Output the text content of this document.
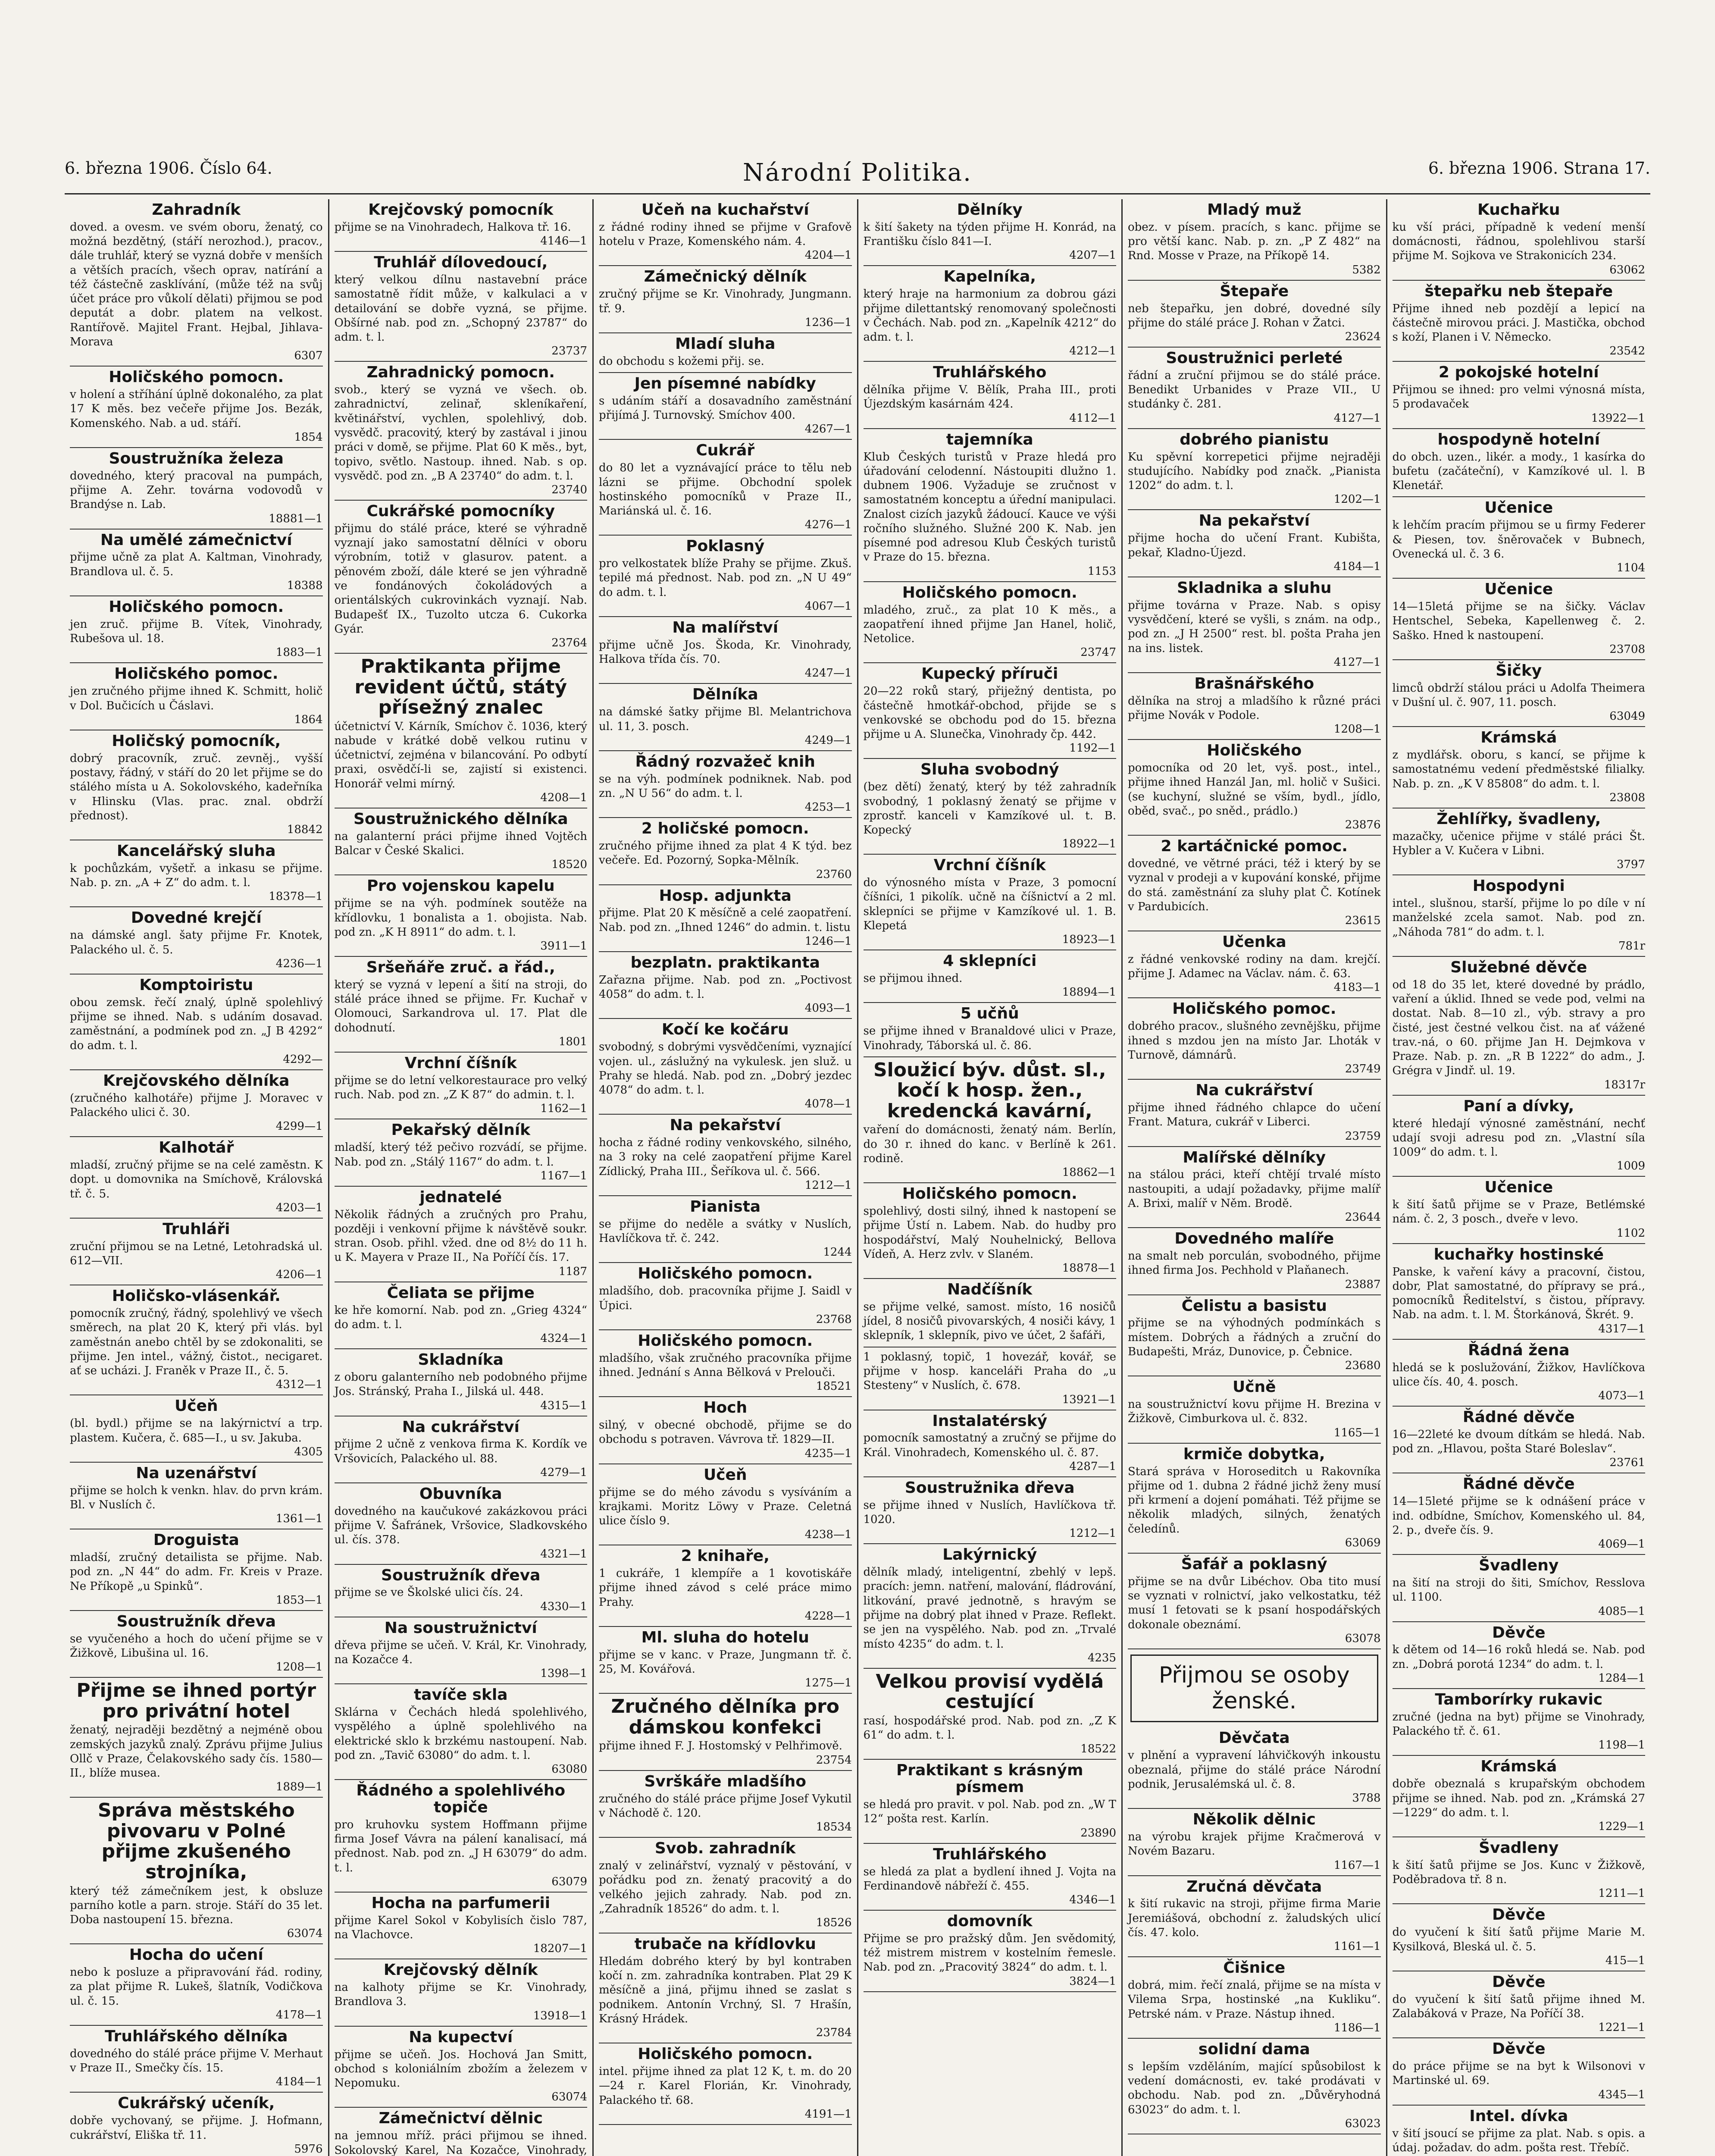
6. března 1906. Číslo 64.	Národní Politika.	6. března 1906. Strana 17.
Zahradník

doved. a ovesm. ve svém oboru, ženatý, co možná bezdětný, (stáří nerozhod.), pracov., dále truhlář, který se vyzná dobře v menších a větších pracích, všech oprav, natírání a též částečně zasklívání, (může též na svůj účet práce pro vůkolí dělati) přijmou se pod deputát a dobr. platem na velkost. Rantířově. Majitel Frant. Hejbal, Jihlava-Morava

6307

Holičského pomocn.

v holení a stříhání úplně dokonalého, za plat 17 K měs. bez večeře přijme Jos. Bezák, Komenského. Nab. a ud. stáří.

1854

Soustružníka železa

dovedného, který pracoval na pumpách, přijme A. Zehr. továrna vodovodů v Brandýse n. Lab.

18881—1

Na umělé zámečnictví

přijme učně za plat A. Kaltman, Vinohrady, Brandlova ul. č. 5.

18388

Holičského pomocn.

jen zruč. přijme B. Vítek, Vinohrady, Rubešova ul. 18.

1883—1

Holičského pomoc.

jen zručného přijme ihned K. Schmitt, holič v Dol. Bučicích u Čáslavi.

1864

Holičský pomocník,

dobrý pracovník, zruč. zevněj., vyšší postavy, řádný, v stáří do 20 let přijme se do stálého místa u A. Sokolovského, kadeřníka v Hlinsku (Vlas. prac. znal. obdrží přednost).

18842

Kancelářský sluha

k pochůzkám, vyšetř. a inkasu se přijme. Nab. p. zn. „A + Z“ do adm. t. l.

18378—1

Dovedné krejčí

na dámské angl. šaty přijme Fr. Knotek, Palackého ul. č. 5.

4236—1

Komptoiristu

obou zemsk. řečí znalý, úplně spolehlivý přijme se ihned. Nab. s udáním dosavad. zaměstnání, a podmínek pod zn. „J B 4292“ do adm. t. l.

4292—

Krejčovského dělníka

(zručného kalhotáře) přijme J. Moravec v Palackého ulici č. 30.

4299—1

Kalhotář

mladší, zručný přijme se na celé zaměstn. K dopt. u domovnika na Smíchově, Královská tř. č. 5.

4203—1

Truhláři

zruční přijmou se na Letné, Letohradská ul. 612—VII.

4206—1

Holičsko-vlásenkář.

pomocník zručný, řádný, spolehlivý ve všech směrech, na plat 20 K, který při vlás. byl zaměstnán anebo chtěl by se zdokonaliti, se přijme. Jen intel., vážný, čistot., necigaret. ať se ucházi. J. Franěk v Praze II., č. 5.

4312—1

Učeň

(bl. bydl.) přijme se na lakýrnictví a trp. plastem. Kučera, č. 685—I., u sv. Jakuba.

4305

Na uzenářství

přijme se holch k venkn. hlav. do prvn krám. Bl. v Nuslích č.

1361—1

Droguista

mladší, zručný detailista se přijme. Nab. pod zn. „N 44“ do adm. Fr. Kreis v Praze. Ne Příkopě „u Spinků“.

1853—1

Soustružník dřeva

se vyučeného a hoch do učení přijme se v Žižkově, Libušina ul. 16.

1208—1

Přijme se ihned portýr pro privátní hotel

ženatý, nejraději bezdětný a nejméně obou zemských jazyků znalý. Zprávu přijme Julius Ollč v Praze, Čelakovského sady čís. 1580—II., blíže musea.

1889—1

Správa městského pivovaru v Polné přijme zkušeného strojníka,

který též zámečníkem jest, k obsluze parního kotle a parn. stroje. Stáří do 35 let. Doba nastoupení 15. března.

63074

Hocha do učení

nebo k posluze a připravování řád. rodiny, za plat přijme R. Lukeš, šlatník, Vodičkova ul. č. 15.

4178—1

Truhlářského dělníka

dovedného do stálé práce přijme V. Merhaut v Praze II., Smečky čís. 15.

4184—1

Cukrářský učeník,

dobře vychovaný, se přijme. J. Hofmann, cukrářství, Eliška tř. 11.

5976

Krejčovský pomocník

přijme se na Vinohradech, Halkova tř. 16.

4146—1

Truhlář dílovedoucí,

který velkou dílnu nastavební práce samostatně řídit může, v kalkulaci a v detailování se dobře vyzná, se přijme. Obšírné nab. pod zn. „Schopný 23787“ do adm. t. l.

23737

Zahradnický pomocn.

svob., který se vyzná ve všech. ob. zahradnictví, zelinař, skleníkaření, květinářství, vychlen, spolehlivý, dob. vysvědč. pracovitý, který by zastával i jinou práci v domě, se přijme. Plat 60 K měs., byt, topivo, světlo. Nastoup. ihned. Nab. s op. vysvědč. pod zn. „B A 23740“ do adm. t. l.

23740

Cukrářské pomocníky

přijmu do stálé práce, které se výhradně vyznají jako samostatní dělníci v oboru výrobním, totiž v glasurov. patent. a pěnovém zboží, dále které se jen výhradně ve fondánových čokoládových a orientálských cukrovinkách vyznají. Nab. Budapešť IX., Tuzolto utcza 6. Cukorka Gyár.

23764

Praktikanta přijme revident účtů, státý přísežný znalec

účetnictví V. Kárník, Smíchov č. 1036, který nabude v krátké době velkou rutinu v účetnictví, zejména v bilancování. Po odbytí praxi, osvědčí-li se, zajistí si existenci. Honorář velmi mírný.

4208—1

Soustružnického dělníka

na galanterní práci přijme ihned Vojtěch Balcar v České Skalici.

18520

Pro vojenskou kapelu

přijme se na výh. podmínek soutěže na křídlovku, 1 bonalista a 1. obojista. Nab. pod zn. „K H 8911“ do adm. t. l.

3911—1

Sršeňáře zruč. a řád.,

který se vyzná v lepení a šití na stroji, do stálé práce ihned se přijme. Fr. Kuchař v Olomouci, Sarkandrova ul. 17. Plat dle dohodnutí.

1801

Vrchní číšník

přijme se do letní velkorestaurace pro velký ruch. Nab. pod zn. „Z K 87“ do admin. t. l.

1162—1

Pekařský dělník

mladší, který též pečivo rozvádí, se přijme. Nab. pod zn. „Stálý 1167“ do adm. t. l.

1167—1

jednatelé

Několik řádných a zručných pro Prahu, později i venkovní přijme k návštěvě soukr. stran. Osob. přihl. vžed. dne od 8½ do 11 h. u K. Mayera v Praze II., Na Poříčí čís. 17.

1187

Čeliata se přijme

ke hře komorní. Nab. pod zn. „Grieg 4324“ do adm. t. l.

4324—1

Skladníka

z oboru galanterního neb podobného přijme Jos. Stránský, Praha I., Jilská ul. 448.

4315—1

Na cukrářství

přijme 2 učně z venkova firma K. Kordík ve Vršovicích, Palackého ul. 88.

4279—1

Obuvníka

dovedného na kaučukové zakázkovou práci přijme V. Šafránek, Vršovice, Sladkovského ul. čís. 378.

4321—1

Soustružník dřeva

přijme se ve Školské ulici čís. 24.

4330—1

Na soustružnictví

dřeva přijme se učeň. V. Král, Kr. Vinohrady, na Kozačce 4.

1398—1

tavíče skla

Sklárna v Čechách hledá spolehlivého, vyspělého a úplně spolehlivého na elektrické sklo k brzkému nastoupení. Nab. pod zn. „Tavič 63080“ do adm. t. l.

63080

Řádného a spolehlivého topiče

pro kruhovku system Hoffmann přijme firma Josef Vávra na pálení kanalisací, má přednost. Nab. pod zn. „J H 63079“ do adm. t. l.

63079

Hocha na parfumerii

přijme Karel Sokol v Kobylisích čislo 787, na Vlachovce.

18207—1

Krejčovský dělník

na kalhoty přijme se Kr. Vinohrady, Brandlova 3.

13918—1

Na kupectví

přijme se učeň. Jos. Hochová Jan Smitt, obchod s koloniálním zbožím a železem v Nepomuku.

63074

Zámečnictví dělnic

na jemnou mříž. práci přijmou se ihned. Sokolovský Karel, Na Kozačce, Vinohrady,

Učeň na kuchařství

z řádné rodiny ihned se přijme v Grafově hotelu v Praze, Komenského nám. 4.

4204—1

Zámečnický dělník

zručný přijme se Kr. Vinohrady, Jungmann. tř. 9.

1236—1

Mladí sluha

do obchodu s kožemi přij. se.

Jen písemné nabídky

s udáním stáří a dosavadního zaměstnání přijímá J. Turnovský. Smíchov 400.

4267—1

Cukrář

do 80 let a vyznávající práce to tělu neb lázni se přijme. Obchodní spolek hostinského pomocníků v Praze II., Mariánská ul. č. 16.

4276—1

Poklasný

pro velkostatek blíže Prahy se přijme. Zkuš. tepilé má přednost. Nab. pod zn. „N U 49“ do adm. t. l.

4067—1

Na malířství

přijme učně Jos. Škoda, Kr. Vinohrady, Halkova třída čís. 70.

4247—1

Dělníka

na dámské šatky přijme Bl. Melantrichova ul. 11, 3. posch.

4249—1

Řádný rozvažeč knih

se na výh. podmínek podniknek. Nab. pod zn. „N U 56“ do adm. t. l.

4253—1

2 holičské pomocn.

zručného přijme ihned za plat 4 K týd. bez večeře. Ed. Pozorný, Sopka-Mělník.

23760

Hosp. adjunkta

přijme. Plat 20 K měsíčně a celé zaopatření. Nab. pod zn. „Ihned 1246“ do admin. t. listu

1246—1

bezplatn. praktikanta

Zařazna přijme. Nab. pod zn. „Poctivost 4058“ do adm. t. l.

4093—1

Kočí ke kočáru

svobodný, s dobrými vysvědčeními, vyznající vojen. ul., záslužný na vykulesk. jen služ. u Prahy se hledá. Nab. pod zn. „Dobrý jezdec 4078“ do adm. t. l.

4078—1

Na pekařství

hocha z řádné rodiny venkovského, silného, na 3 roky na celé zaopatření přijme Karel Zídlický, Praha III., Šeříkova ul. č. 566.

1212—1

Pianista

se přijme do neděle a svátky v Nuslích, Havlíčkova tř. č. 242.

1244

Holičského pomocn.

mladšího, dob. pracovníka přijme J. Saidl v Úpici.

23768

Holičského pomocn.

mladšího, však zručného pracovníka přijme ihned. Jednání s Anna Bělková v Prelouči.

18521

Hoch

silný, v obecné obchodě, přijme se do obchodu s potraven. Vávrova tř. 1829—II.

4235—1

Učeň

přijme se do mého závodu s vysíváním a krajkami. Moritz Löwy v Praze. Celetná ulice číslo 9.

4238—1

2 knihaře,

1 cukráře, 1 klempíře a 1 kovotiskáře přijme ihned závod s celé práce mimo Prahy.

4228—1

Ml. sluha do hotelu

přijme se v kanc. v Praze, Jungmann tř. č. 25, M. Kovářová.

1275—1

Zručného dělníka pro dámskou konfekci

přijme ihned F. J. Hostomský v Pelhřimově.

23754

Svrškáře mladšího

zručného do stálé práce přijme Josef Vykutil v Náchodě č. 120.

18534

Svob. zahradník

znalý v zelinářství, vyznalý v pěstování, v pořádku pod zn. ženatý pracovitý a do velkého jejich zahrady. Nab. pod zn. „Zahradník 18526“ do adm. t. l.

18526

trubače na křídlovku

Hledám dobrého který by byl kontraben kočí n. zm. zahradníka kontraben. Plat 29 K měsíčně a jiná, přijmu ihned se zaslat s podnikem. Antonín Vrchný, Sl. 7 Hrašín, Krásný Hrádek.

23784

Holičského pomocn.

intel. přijme ihned za plat 12 K, t. m. do 20—24 r. Karel Florián, Kr. Vinohrady, Palackého tř. 68.

4191—1

Dělníky

k šití šakety na týden přijme H. Konrád, na Františku číslo 841—I.

4207—1

Kapelníka,

který hraje na harmonium za dobrou gázi přijme dilettantský renomovaný společnosti v Čechách. Nab. pod zn. „Kapelník 4212“ do adm. t. l.

4212—1

Truhlářského

dělníka přijme V. Bělík, Praha III., proti Újezdským kasárnám 424.

4112—1

tajemníka

Klub Českých turistů v Praze hledá pro úřadování celodenní. Nástoupiti dlužno 1. dubnem 1906. Vyžaduje se zručnost v samostatném konceptu a úřední manipulaci. Znalost cizích jazyků žádoucí. Kauce ve výši ročního služného. Služné 200 K. Nab. jen písemné pod adresou Klub Českých turistů v Praze do 15. března.

1153

Holičského pomocn.

mladého, zruč., za plat 10 K měs., a zaopatření ihned přijme Jan Hanel, holič, Netolice.

23747

Kupecký příruči

20—22 roků starý, přiježný dentista, po částečně hmotkář-obchod, přijde se s venkovské se obchodu pod do 15. března přijme u A. Slunečka, Vinohrady čp. 442.

1192—1

Sluha svobodný

(bez dětí) ženatý, který by též zahradník svobodný, 1 poklasný ženatý se přijme v zprostř. kanceli v Kamzíkové ul. t. B. Kopecký

18922—1

Vrchní číšník

do výnosného místa v Praze, 3 pomocní číšníci, 1 pikolík. učně na číšnictví a 2 ml. sklepníci se přijme v Kamzíkové ul. 1. B. Klepetá

18923—1

4 sklepníci

se přijmou ihned.

18894—1

5 učňů

se přijme ihned v Branaldové ulici v Praze, Vinohrady, Táborská ul. č. 86.

Sloužicí býv. důst. sl., kočí k hosp. žen., kredencká kavární,

vaření do domácnosti, ženatý nám. Berlín, do 30 r. ihned do kanc. v Berlíně k 261. rodině.

18862—1

Holičského pomocn.

spolehlivý, dosti silný, ihned k nastopení se přijme Ústí n. Labem. Nab. do hudby pro hospodářství, Malý Nouhelnický, Bellova Vídeň, A. Herz zvlv. v Slaném.

18878—1

Nadčíšník

se přijme velké, samost. místo, 16 nosičů jídel, 8 nosičů pivovarských, 4 nosiči kávy, 1 sklepník, 1 sklepník, pivo ve účet, 2 šafáři,

1 poklasný, topič, 1 hovezář, kovář, se přijme v hosp. kanceláři Praha do „u Stesteny“ v Nuslích, č. 678.

13921—1

Instalatérský

pomocník samostatný a zručný se přijme do Král. Vinohradech, Komenského ul. č. 87.

4287—1

Soustružnika dřeva

se přijme ihned v Nuslích, Havlíčkova tř. 1020.

1212—1

Lakýrnický

dělník mladý, inteligentní, zbehlý v lepš. pracích: jemn. natření, malování, fládrování, litkování, pravé jednotně, s hravým se přijme na dobrý plat ihned v Praze. Reflekt. se jen na vyspělého. Nab. pod zn. „Trvalé místo 4235“ do adm. t. l.

4235

Velkou provisí vydělá cestující

rasí, hospodářské prod. Nab. pod zn. „Z K 61“ do adm. t. l.

18522

Praktikant s krásným písmem

se hledá pro pravit. v pol. Nab. pod zn. „W T 12“ pošta rest. Karlín.

23890

Truhlářského

se hledá za plat a bydlení ihned J. Vojta na Ferdinandově nábřeží č. 455.

4346—1

domovník

Přijme se pro pražský dům. Jen svědomitý, též mistrem mistrem v kostelním řemesle. Nab. pod zn. „Pracovitý 3824“ do adm. t. l.

3824—1

Mladý muž

obez. v písem. pracích, s kanc. přijme se pro větší kanc. Nab. p. zn. „P Z 482“ na Rnd. Mosse v Praze, na Příkopě 14.

5382

Štepaře

neb štepařku, jen dobré, dovedné síly přijme do stálé práce J. Rohan v Žatci.

23624

Soustružnici perleté

řádní a zruční přijmou se do stálé práce. Benedikt Urbanides v Praze VII., U studánky č. 281.

4127—1

dobrého pianistu

Ku spěvní korrepetici přijme nejraději studujícího. Nabídky pod značk. „Pianista 1202“ do adm. t. l.

1202—1

Na pekařství

přijme hocha do učení Frant. Kubišta, pekař, Kladno-Újezd.

4184—1

Skladnika a sluhu

přijme továrna v Praze. Nab. s opisy vysvědčení, které se vyšli, s znám. na odp., pod zn. „J H 2500“ rest. bl. pošta Praha jen na ins. listek.

4127—1

Brašnářského

dělníka na stroj a mladšího k různé práci přijme Novák v Podole.

1208—1

Holičského

pomocníka od 20 let, vyš. post., intel., přijme ihned Hanzál Jan, ml. holič v Sušici. (se kuchyní, služné se vším, bydl., jídlo, oběd, svač., po sněd., prádlo.)

23876

2 kartáčnické pomoc.

dovedné, ve větrné práci, též i který by se vyznal v prodeji a v kupování konské, přijme do stá. zaměstnání za sluhy plat Č. Kotínek v Pardubicích.

23615

Učenka

z řádné venkovské rodiny na dam. krejčí. přijme J. Adamec na Václav. nám. č. 63.

4183—1

Holičského pomoc.

dobrého pracov., slušného zevnějšku, přijme ihned s mzdou jen na místo Jar. Lhoták v Turnově, dámnárů.

23749

Na cukrářství

přijme ihned řádného chlapce do učení Frant. Matura, cukrář v Liberci.

23759

Malířské dělníky

na stálou práci, kteří chtějí trvalé místo nastoupiti, a udají požadavky, přijme malíř A. Brixi, malíř v Něm. Brodě.

23644

Dovedného malíře

na smalt neb porculán, svobodného, přijme ihned firma Jos. Pechhold v Plaňanech.

23887

Čelistu a basistu

přijme se na výhodných podmínkách s místem. Dobrých a řádných a zruční do Budapešti, Mráz, Dunovice, p. Čebnice.

23680

Učně

na soustružnictví kovu přijme H. Brezina v Žižkově, Cimburkova ul. č. 832.

1165—1

krmiče dobytka,

Stará správa v Horoseditch u Rakovníka přijme od 1. dubna 2 řádné jichž ženy musí při krmení a dojení pomáhati. Též přijme se několik mladých, silných, ženatých čeledínů.

63069

Šafář a poklasný

přijme se na dvůr Libéchov. Oba tito musí se vyznati v rolnictví, jako velkostatku, též musí 1 fetovati se k psaní hospodářských dokonale obeznámí.

63078

Přijmou se osoby ženské.
Děvčata

v plnění a vypravení láhvičkovýh inkoustu obeznalá, přijme do stálé práce Národní podnik, Jerusalémská ul. č. 8.

3788

Několik dělnic

na výrobu krajek přijme Kračmerová v Novém Bazaru.

1167—1

Zručná děvčata

k šití rukavic na stroji, přijme firma Marie Jeremiášová, obchodní z. žaludských ulicí čís. 47. kolo.

1161—1

Čišnice

dobrá, mim. řečí znalá, přijme se na místa v Vilema Srpa, hostinské „na Kukliku“. Petrské nám. v Praze. Nástup ihned.

1186—1

solidní dama

s lepším vzděláním, mající spůsobilost k vedení domácnosti, ev. také prodávati v obchodu. Nab. pod zn. „Důvěryhodná 63023“ do adm. t. l.

63023

Kuchařku

ku vší práci, případně k vedení menší domácnosti, řádnou, spolehlivou starší přijme M. Sojkova ve Strakonicích 234.

63062

štepařku neb štepaře

Přijme ihned neb pozdějí a lepicí na částečně mirovou práci. J. Mastička, obchod s koží, Planen i V. Německo.

23542

2 pokojské hotelní

Přijmou se ihned: pro velmi výnosná místa, 5 prodavaček

13922—1

hospodyně hotelní

do obch. uzen., likér. a mody., 1 kasírka do bufetu (začáteční), v Kamzíkové ul. l. B Klenetář.

Učenice

k lehčím pracím přijmou se u firmy Federer & Piesen, tov. šněrovaček v Bubnech, Ovenecká ul. č. 3 6.

1104

Učenice

14—15letá přijme se na šičky. Václav Hentschel, Sebeka, Kapellenweg č. 2. Saško. Hned k nastoupení.

23708

Šičky

limců obdrží stálou práci u Adolfa Theimera v Dušní ul. č. 907, 11. posch.

63049

Krámská

z mydlářsk. oboru, s kancí, se přijme k samostatnému vedení předměstské filialky. Nab. p. zn. „K V 85808“ do adm. t. l.

23808

Žehlířky, švadleny,

mazačky, učenice přijme v stálé práci Št. Hybler a V. Kučera v Libni.

3797

Hospodyni

intel., slušnou, starší, přijme lo po díle v ní manželské zcela samot. Nab. pod zn. „Náhoda 781“ do adm. t. l.

781r

Služebné děvče

od 18 do 35 let, které dovedné by prádlo, vaření a úklid. Ihned se vede pod, velmi na dostat. Nab. 8—10 zl., výb. stravy a pro čisté, jest čestné velkou čist. na ať vážené trav.-ná, o 60. přijme Jan H. Dejmkova v Praze. Nab. p. zn. „R B 1222“ do adm., J. Grégra v Jindř. ul. 19.

18317r

Paní a dívky,

které hledají výnosné zaměstnání, nechť udají svoji adresu pod zn. „Vlastní síla 1009“ do adm. t. l.

1009

Učenice

k šití šatů přijme se v Praze, Betlémské nám. č. 2, 3 posch., dveře v levo.

1102

kuchařky hostinské

Panske, k vaření kávy a pracovní, čistou, dobr, Plat samostatné, do přípravy se prá., pomocníků Ředitelství, s čistou, přípravy. Nab. na adm. t. l. M. Štorkánová, Škrét. 9.

4317—1

Řádná žena

hledá se k poslužování, Žižkov, Havlíčkova ulice čís. 40, 4. posch.

4073—1

Řádné děvče

16—22leté ke dvoum dítkám se hledá. Nab. pod zn. „Hlavou, pošta Staré Boleslav“.

23761

Řádné děvče

14—15leté přijme se k odnášení práce v ind. odbídne, Smíchov, Komenského ul. 84, 2. p., dveře čís. 9.

4069—1

Švadleny

na šití na stroji do šiti, Smíchov, Resslova ul. 1100.

4085—1

Děvče

k dětem od 14—16 roků hledá se. Nab. pod zn. „Dobrá porotá 1234“ do adm. t. l.

1284—1

Tamborírky rukavic

zručné (jedna na byt) přijme se Vinohrady, Palackého tř. č. 61.

1198—1

Krámská

dobře obeznalá s krupařským obchodem přijme se ihned. Nab. pod zn. „Krámská 27—1229“ do adm. t. l.

1229—1

Švadleny

k šití šatů přijme se Jos. Kunc v Žižkově, Poděbradova tř. 8 n.

1211—1

Děvče

do vyučení k šití šatů přijme Marie M. Kysilková, Bleská ul. č. 5.

415—1

Děvče

do vyučení k šití šatů přijme ihned M. Zalabáková v Praze, Na Poříčí 38.

1221—1

Děvče

do práce přijme se na byt k Wilsonovi v Martinské ul. 69.

4345—1

Intel. dívka

v šití jsoucí se přijme za plat. Nab. s opis. a údaj. požadav. do adm. pošta rest. Třebíč.
